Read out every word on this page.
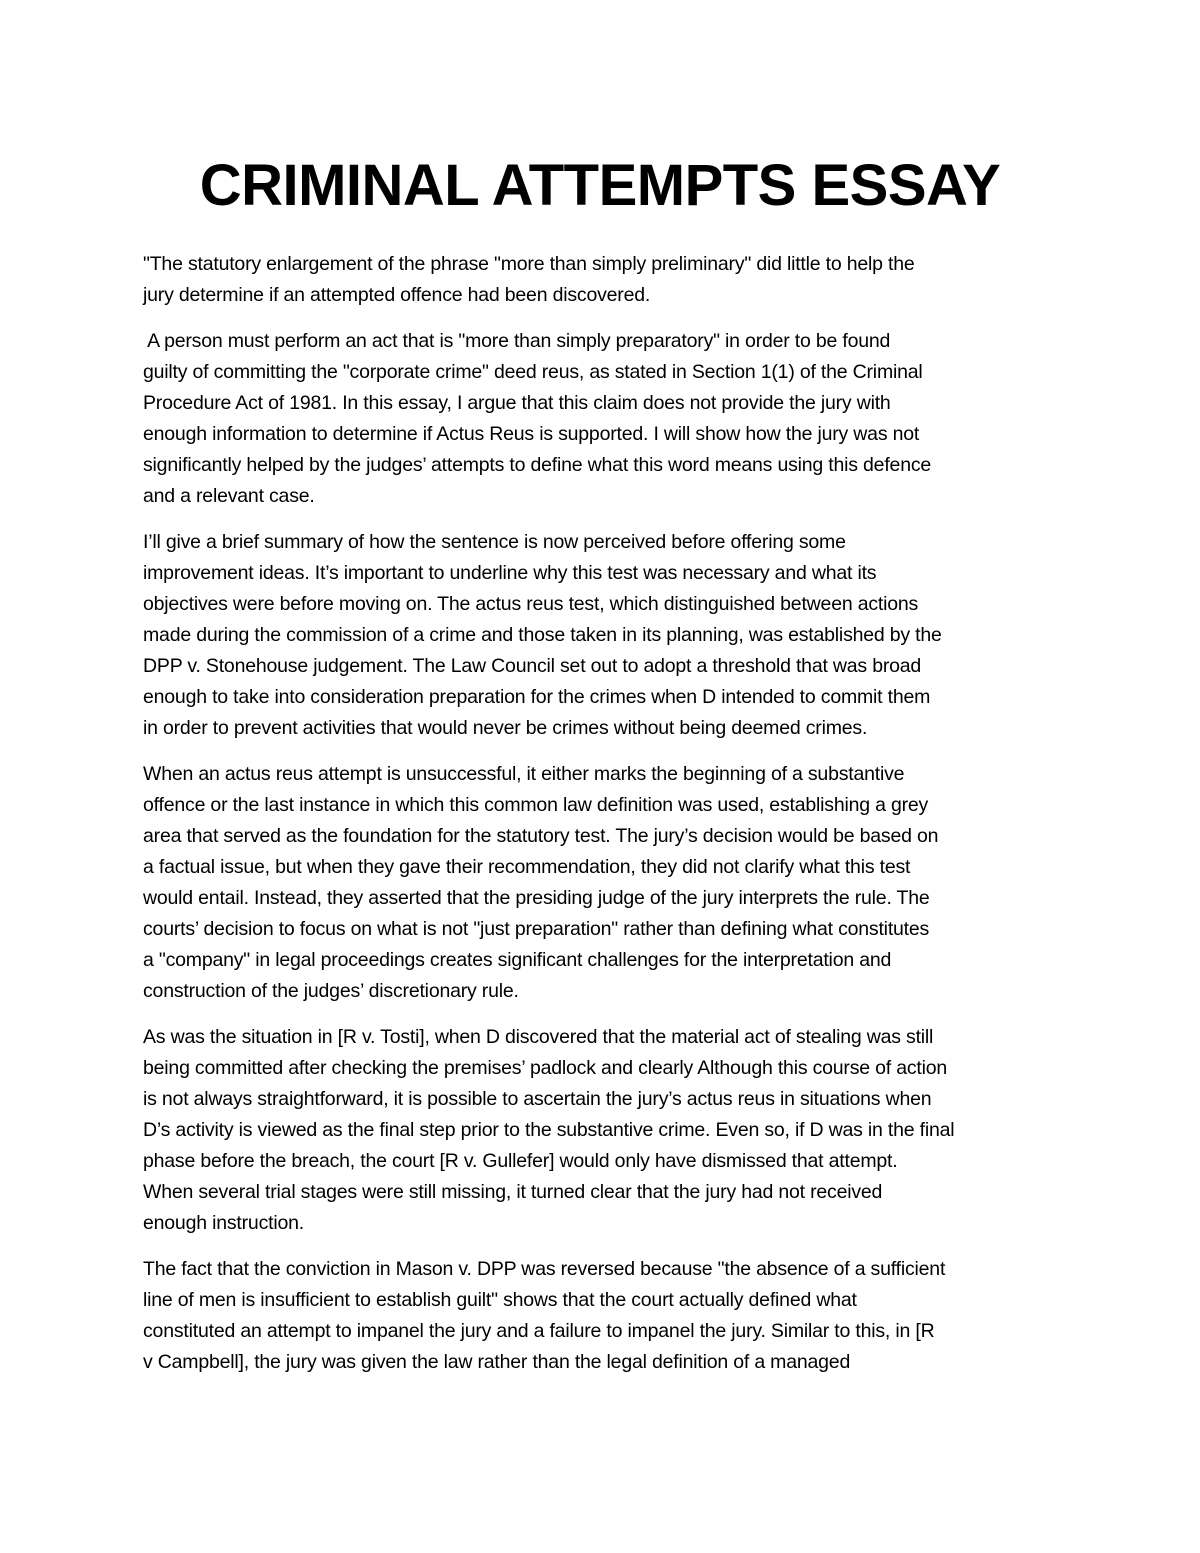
CRIMINAL ATTEMPTS ESSAY

"The statutory enlargement of the phrase "more than simply preliminary" did little to help the
jury determine if an attempted offence had been discovered.

A person must perform an act that is "more than simply preparatory" in order to be found
guilty of committing the "corporate crime" deed reus, as stated in Section 1(1) of the Criminal
Procedure Act of 1981. In this essay, I argue that this claim does not provide the jury with
enough information to determine if Actus Reus is supported. I will show how the jury was not
significantly helped by the judges’ attempts to define what this word means using this defence
and a relevant case.

I’ll give a brief summary of how the sentence is now perceived before offering some
improvement ideas. It’s important to underline why this test was necessary and what its
objectives were before moving on. The actus reus test, which distinguished between actions
made during the commission of a crime and those taken in its planning, was established by the
DPP v. Stonehouse judgement. The Law Council set out to adopt a threshold that was broad
enough to take into consideration preparation for the crimes when D intended to commit them
in order to prevent activities that would never be crimes without being deemed crimes.

When an actus reus attempt is unsuccessful, it either marks the beginning of a substantive
offence or the last instance in which this common law definition was used, establishing a grey
area that served as the foundation for the statutory test. The jury’s decision would be based on
a factual issue, but when they gave their recommendation, they did not clarify what this test
would entail. Instead, they asserted that the presiding judge of the jury interprets the rule. The
courts’ decision to focus on what is not "just preparation" rather than defining what constitutes
a "company" in legal proceedings creates significant challenges for the interpretation and
construction of the judges’ discretionary rule.

As was the situation in [R v. Tosti], when D discovered that the material act of stealing was still
being committed after checking the premises’ padlock and clearly Although this course of action
is not always straightforward, it is possible to ascertain the jury’s actus reus in situations when
D’s activity is viewed as the final step prior to the substantive crime. Even so, if D was in the final
phase before the breach, the court [R v. Gullefer] would only have dismissed that attempt.
When several trial stages were still missing, it turned clear that the jury had not received
enough instruction.

The fact that the conviction in Mason v. DPP was reversed because "the absence of a sufficient
line of men is insufficient to establish guilt" shows that the court actually defined what
constituted an attempt to impanel the jury and a failure to impanel the jury. Similar to this, in [R
v Campbell], the jury was given the law rather than the legal definition of a managed
